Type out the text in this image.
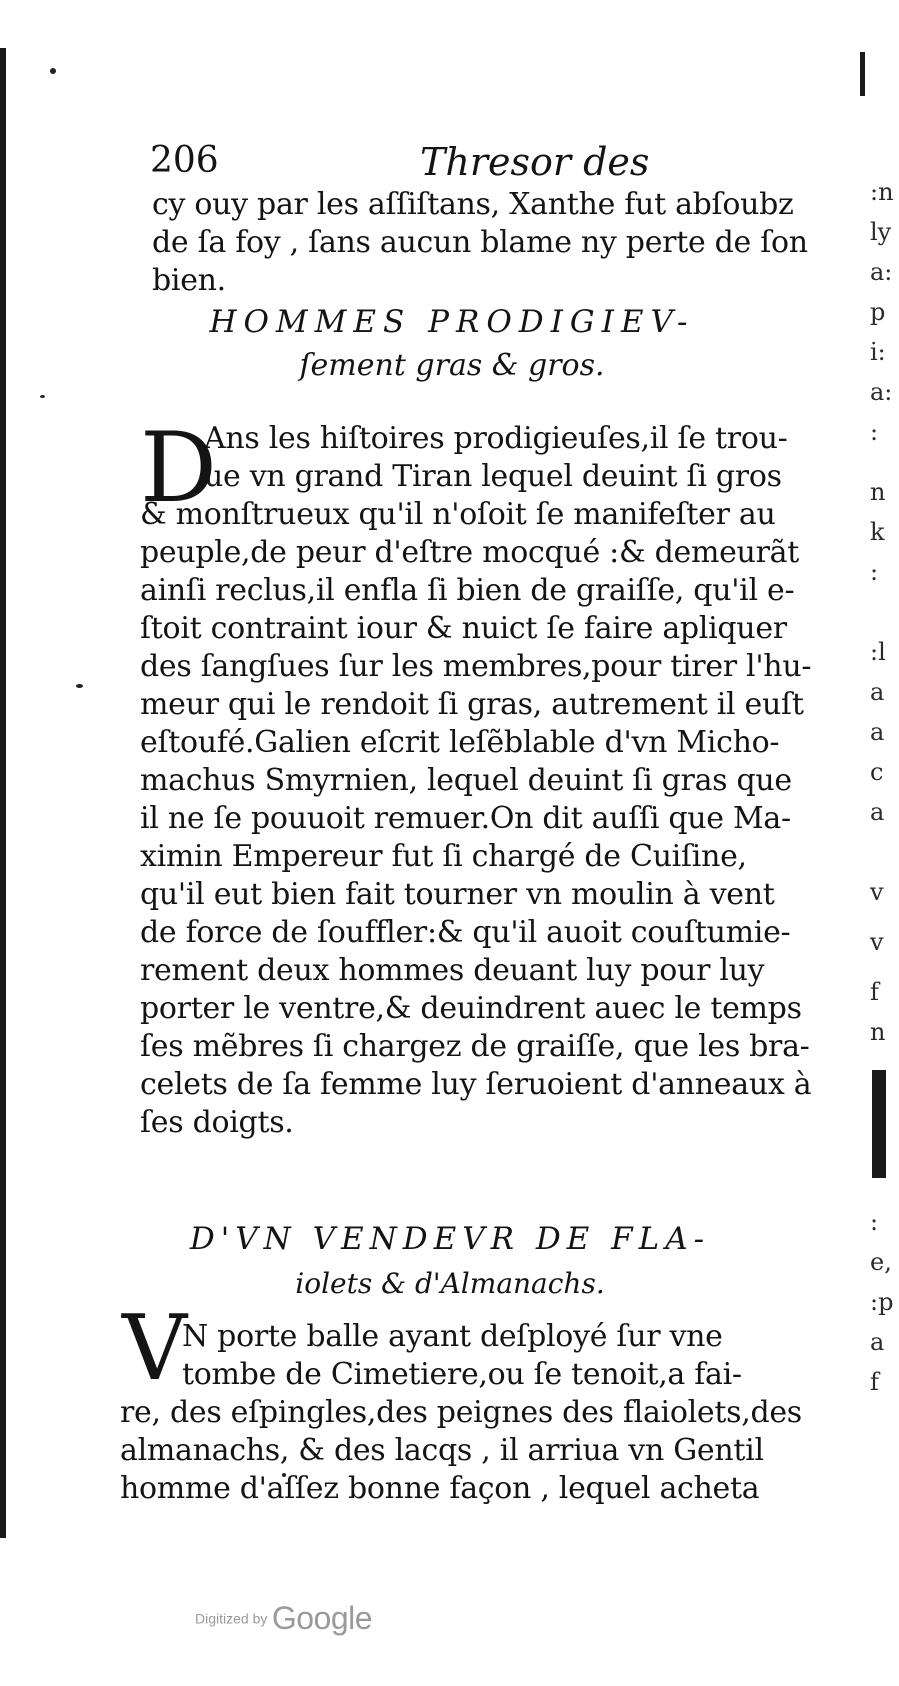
:n
ly
a:
p
i:
a:
:
n
k
:
:l
a
a
c
a
v
v
f
n
:
e,
:p
a
f
206	Thresor des
cy ouy par les aſſiſtans, Xanthe fut abſoubz
de ſa foy , ſans aucun blame ny perte de ſon
bien.
HOMMES PRODIGIEV-
ſement gras & gros.
D
Ans les hiſtoires prodigieuſes,il ſe trou-
ue vn grand Tiran lequel deuint ſi gros
& monſtrueux qu'il n'oſoit ſe manifeſter au
peuple,de peur d'eſtre mocqué :& demeurãt
ainſi reclus,il enfla ſi bien de graiſſe, qu'il e-
ſtoit contraint iour & nuict ſe faire apliquer
des ſangſues ſur les membres,pour tirer l'hu-
meur qui le rendoit ſi gras, autrement il euſt
eſtoufé.Galien eſcrit leſẽblable d'vn Micho-
machus Smyrnien, lequel deuint ſi gras que
il ne ſe pouuoit remuer.On dit auſſi que Ma-
ximin Empereur fut ſi chargé de Cuiſine,
qu'il eut bien fait tourner vn moulin à vent
de force de ſouffler:& qu'il auoit couſtumie-
rement deux hommes deuant luy pour luy
porter le ventre,& deuindrent auec le temps
ſes mẽbres ſi chargez de graiſſe, que les bra-
celets de ſa femme luy ſeruoient d'anneaux à
ſes doigts.
D'VN VENDEVR DE FLA-
iolets & d'Almanachs.
V
N porte balle ayant deſployé ſur vne
tombe de Cimetiere,ou ſe tenoit,a fai-
re, des eſpingles,des peignes des flaiolets,des
almanachs, & des lacqs , il arriua vn Gentil
homme d'aſſez bonne façon , lequel acheta
Digitized by Google
